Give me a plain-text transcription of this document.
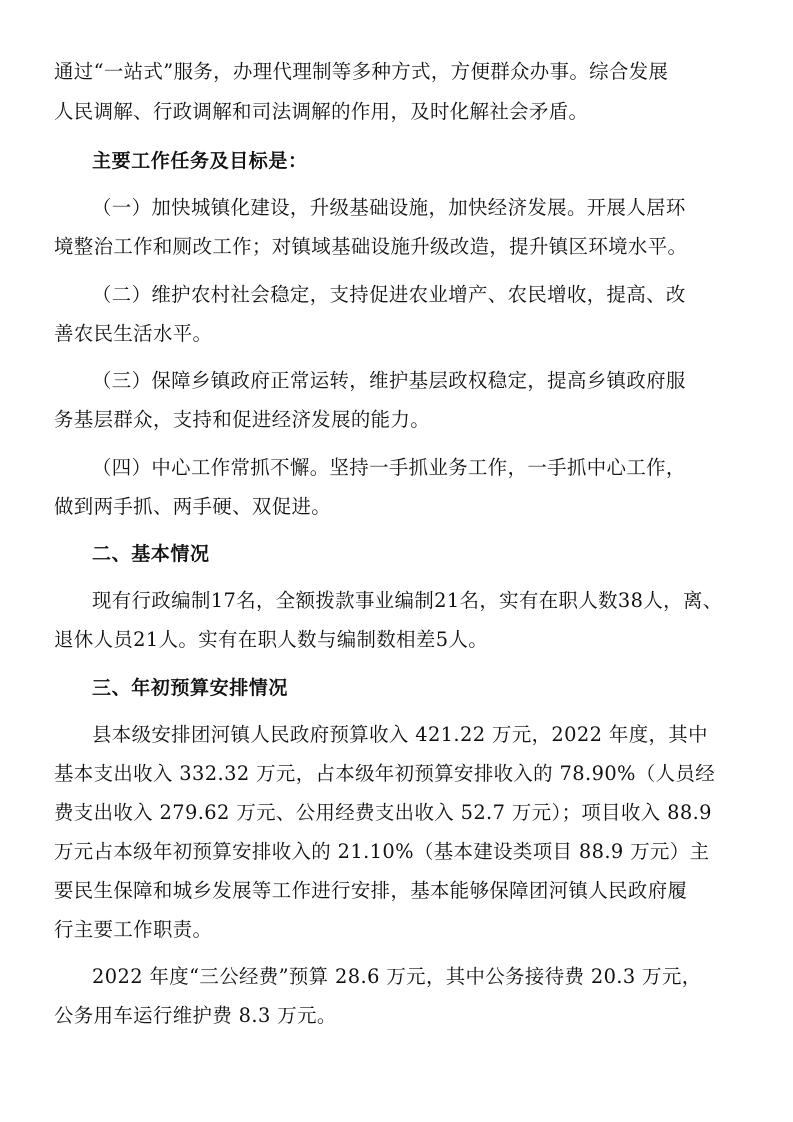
通过“一站式”服务，办理代理制等多种方式，方便群众办事。综合发展
人民调解、行政调解和司法调解的作用，及时化解社会矛盾。
主要工作任务及目标是：
（一）加快城镇化建设，升级基础设施，加快经济发展。开展人居环
境整治工作和厕改工作；对镇域基础设施升级改造，提升镇区环境水平。
（二）维护农村社会稳定，支持促进农业增产、农民增收，提高、改
善农民生活水平。
（三）保障乡镇政府正常运转，维护基层政权稳定，提高乡镇政府服
务基层群众，支持和促进经济发展的能力。
（四）中心工作常抓不懈。坚持一手抓业务工作，一手抓中心工作，
做到两手抓、两手硬、双促进。
二、基本情况
现有行政编制17名，全额拨款事业编制21名，实有在职人数38人，离、
退休人员21人。实有在职人数与编制数相差5人。
三、年初预算安排情况
县本级安排团河镇人民政府预算收入 421.22 万元，2022 年度，其中
基本支出收入 332.32 万元，占本级年初预算安排收入的 78.90%（人员经
费支出收入 279.62 万元、公用经费支出收入 52.7 万元）；项目收入 88.9
万元占本级年初预算安排收入的 21.10%（基本建设类项目 88.9 万元）主
要民生保障和城乡发展等工作进行安排，基本能够保障团河镇人民政府履
行主要工作职责。
2022 年度“三公经费”预算 28.6 万元，其中公务接待费 20.3 万元，
公务用车运行维护费 8.3 万元。
